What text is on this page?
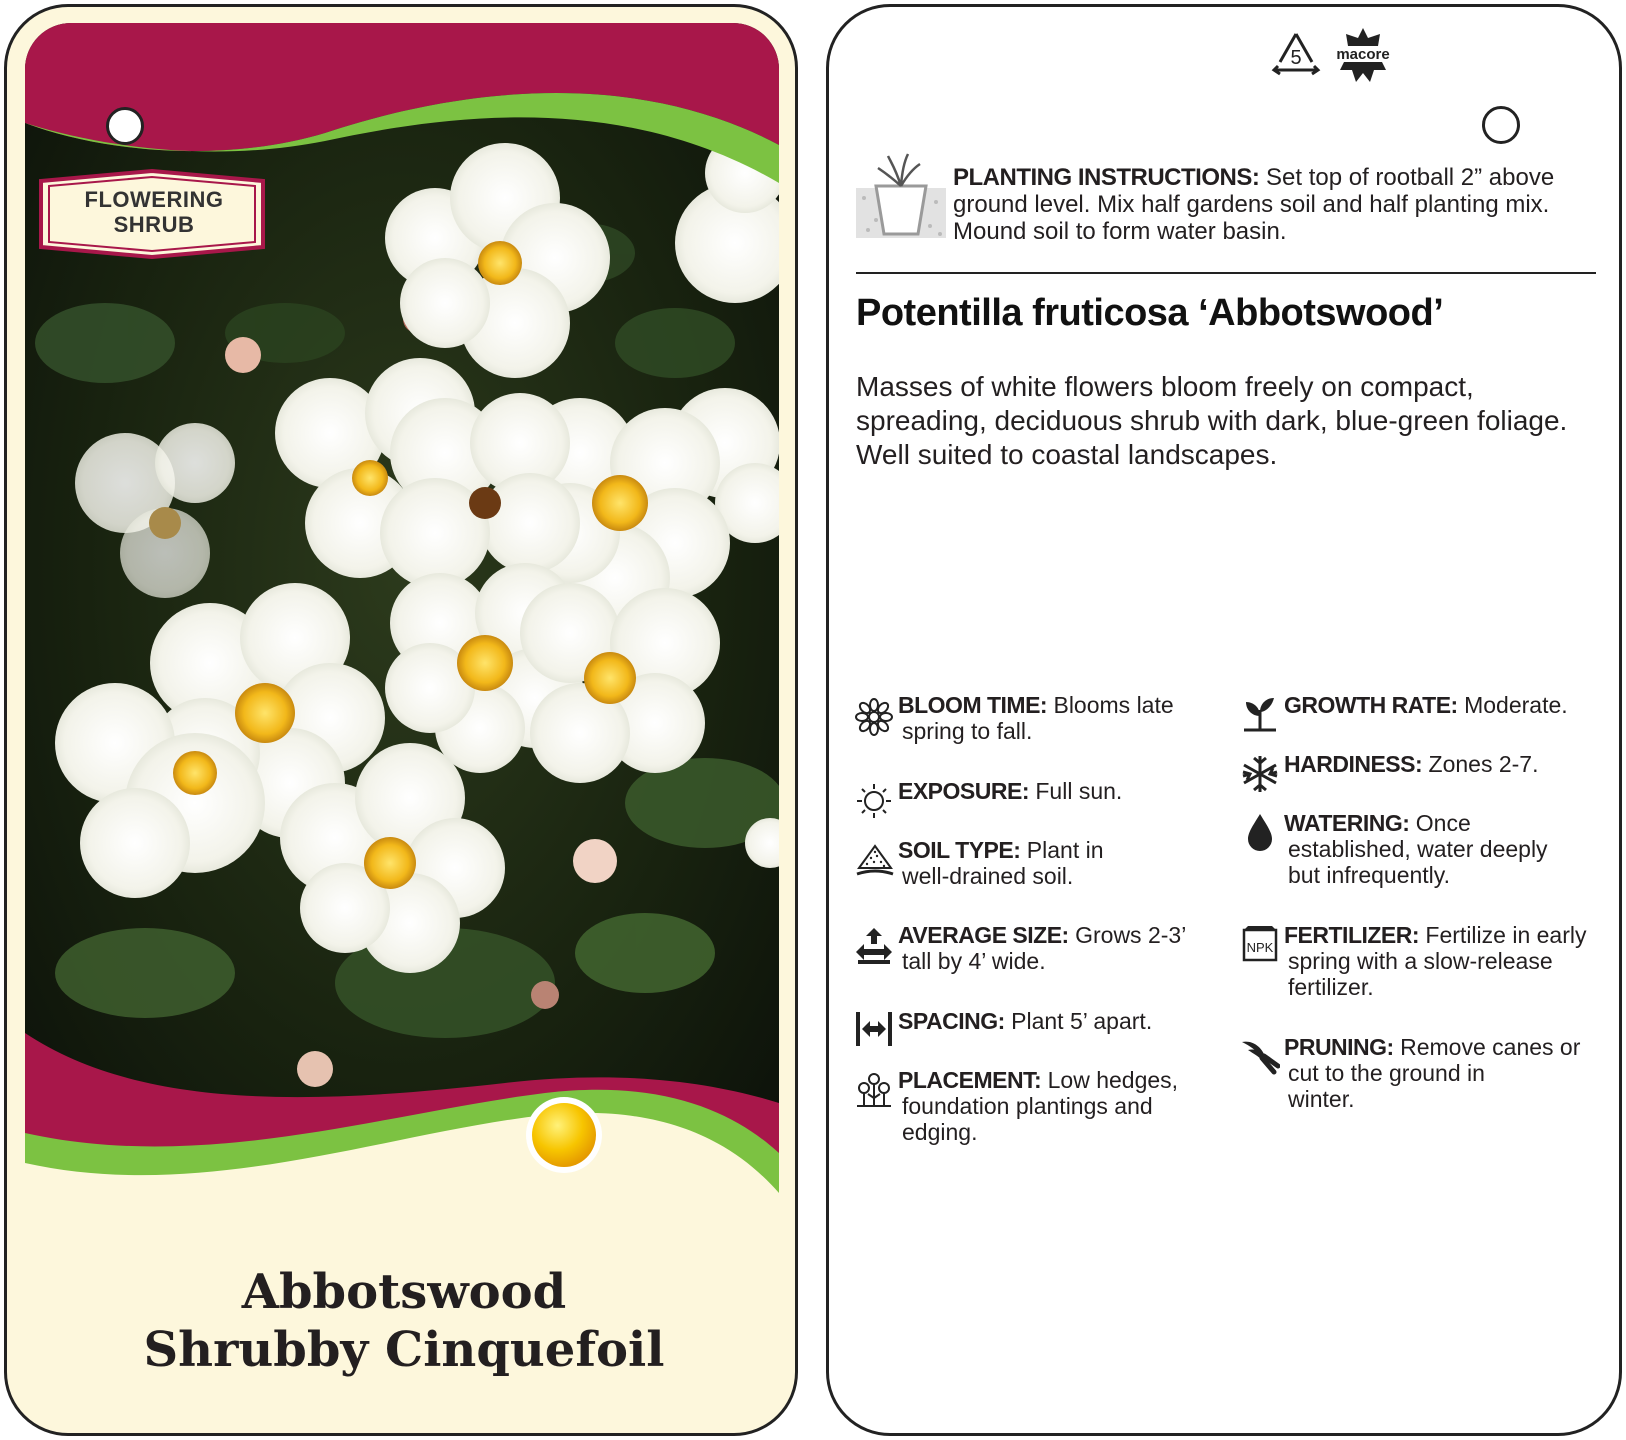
FLOWERING
SHRUB
Abbotswood
Shrubby Cinquefoil
5 macore
PLANTING INSTRUCTIONS: Set top of rootball 2” above ground level. Mix half gardens soil and half planting mix. Mound soil to form water basin.
Potentilla fruticosa ‘Abbotswood’
Masses of white flowers bloom freely on compact, spreading, deciduous shrub with dark, blue-green foliage. Well suited to coastal landscapes.
BLOOM TIME: Blooms late
spring to fall.
EXPOSURE: Full sun.
SOIL TYPE: Plant in
well-drained soil.
AVERAGE SIZE: Grows 2-3’
tall by 4’ wide.
SPACING: Plant 5’ apart.
PLACEMENT: Low hedges,
foundation plantings and
edging.
GROWTH RATE: Moderate.
HARDINESS: Zones 2-7.
WATERING: Once
established, water deeply
but infrequently.
FERTILIZER: Fertilize in early
spring with a slow-release
fertilizer.
PRUNING: Remove canes or
cut to the ground in
winter.
NPK
